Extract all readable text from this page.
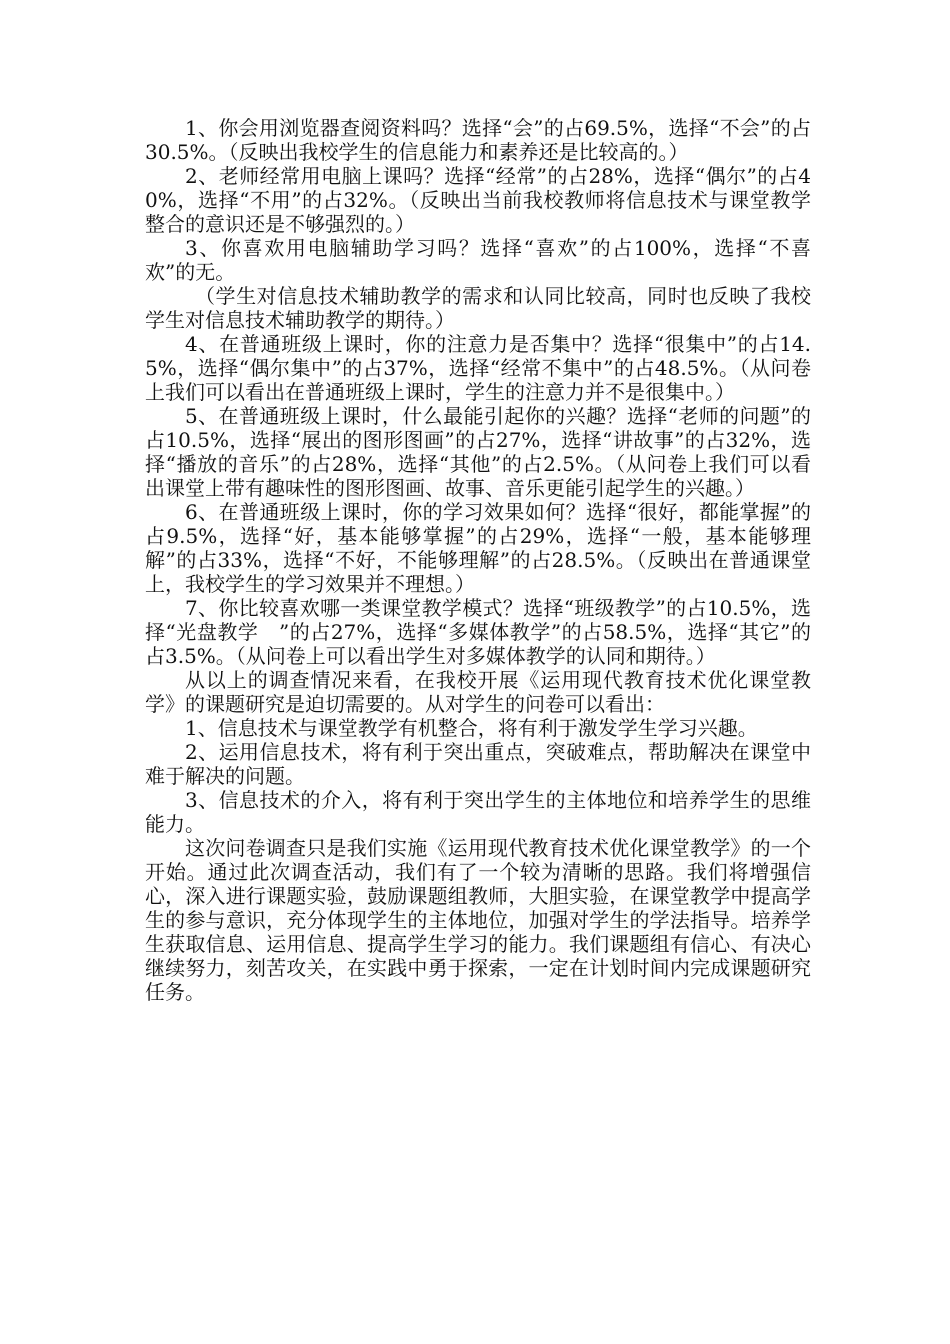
1、你会用浏览器查阅资料吗？选择“会”的占69.5%，选择“不会”的占30.5%。（反映出我校学生的信息能力和素养还是比较高的。）

2、老师经常用电脑上课吗？选择“经常”的占28%，选择“偶尔”的占40%，选择“不用”的占32%。（反映出当前我校教师将信息技术与课堂教学整合的意识还是不够强烈的。）

3、你喜欢用电脑辅助学习吗？选择“喜欢”的占100%，选择“不喜欢”的无。

（学生对信息技术辅助教学的需求和认同比较高，同时也反映了我校学生对信息技术辅助教学的期待。）

4、在普通班级上课时，你的注意力是否集中？选择“很集中”的占14.5%，选择“偶尔集中”的占37%，选择“经常不集中”的占48.5%。（从问卷上我们可以看出在普通班级上课时，学生的注意力并不是很集中。）

5、在普通班级上课时，什么最能引起你的兴趣？选择“老师的问题”的占10.5%，选择“展出的图形图画”的占27%，选择“讲故事”的占32%，选择“播放的音乐”的占28%，选择“其他”的占2.5%。（从问卷上我们可以看出课堂上带有趣味性的图形图画、故事、音乐更能引起学生的兴趣。）

6、在普通班级上课时，你的学习效果如何？选择“很好，都能掌握”的占9.5%，选择“好，基本能够掌握”的占29%，选择“一般，基本能够理解”的占33%，选择“不好，不能够理解”的占28.5%。（反映出在普通课堂上，我校学生的学习效果并不理想。）

7、你比较喜欢哪一类课堂教学模式？选择“班级教学”的占10.5%，选择“光盘教学　”的占27%，选择“多媒体教学”的占58.5%，选择“其它”的占3.5%。（从问卷上可以看出学生对多媒体教学的认同和期待。）

从以上的调查情况来看，在我校开展《运用现代教育技术优化课堂教学》的课题研究是迫切需要的。从对学生的问卷可以看出：

1、信息技术与课堂教学有机整合，将有利于激发学生学习兴趣。

2、运用信息技术，将有利于突出重点，突破难点，帮助解决在课堂中难于解决的问题。

3、信息技术的介入，将有利于突出学生的主体地位和培养学生的思维能力。

这次问卷调查只是我们实施《运用现代教育技术优化课堂教学》的一个开始。通过此次调查活动，我们有了一个较为清晰的思路。我们将增强信心，深入进行课题实验，鼓励课题组教师，大胆实验，在课堂教学中提高学生的参与意识，充分体现学生的主体地位，加强对学生的学法指导。培养学生获取信息、运用信息、提高学生学习的能力。我们课题组有信心、有决心继续努力，刻苦攻关，在实践中勇于探索，一定在计划时间内完成课题研究任务。
